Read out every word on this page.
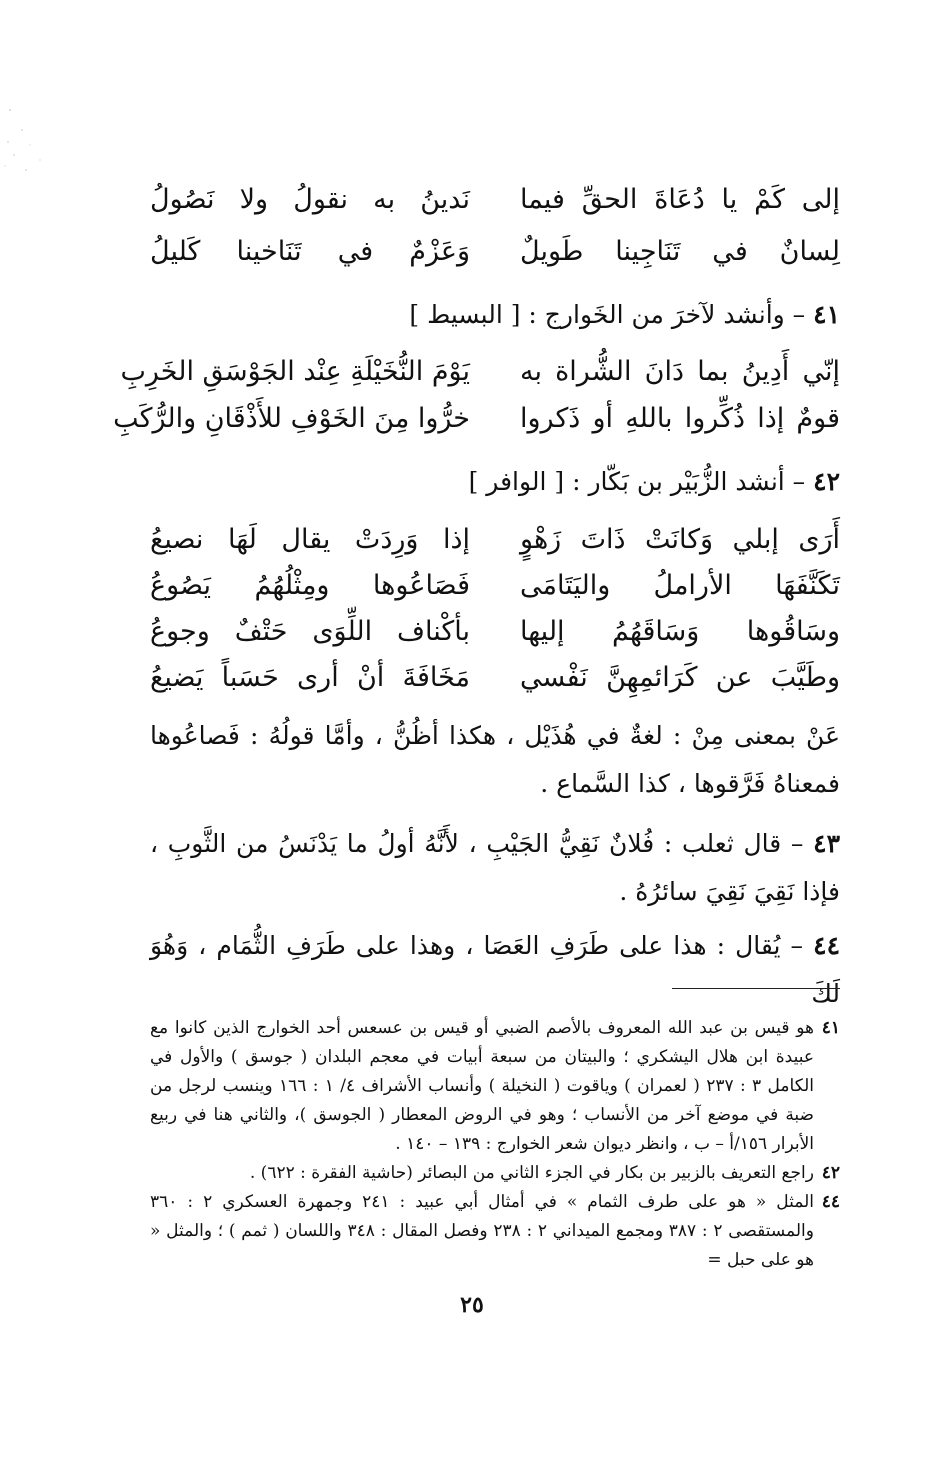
إلى كَمْ يا دُعَاةَ الحقِّ فيما
نَدينُ به نقولُ ولا نَصُولُ
لِسانٌ في تَنَاجِينا طَويلٌ
وَعَزْمٌ في تَنَاخينا كَليلُ
٤١ – وأنشد لآخرَ من الخَوارج : [ البسيط ]
إنّي أَدِينُ بما دَانَ الشُّراة به
يَوْمَ النُّخَيْلَةِ عِنْد الجَوْسَقِ الخَرِبِ
قومٌ إذا ذُكِّروا باللهِ أو ذَكروا
خرُّوا مِنَ الخَوْفِ للأَذْقَانِ والرُّكَبِ
٤٢ – أنشد الزُّبَيْر بن بَكّار : [ الوافر ]
أَرَى إبلي وَكانَتْ ذَاتَ زَهْوٍ
إذا وَرِدَتْ يقال لَهَا نصيعُ
تَكَنَّفَهَا الأراملُ واليَتَامَى
فَصَاعُوها ومِثْلُهُمُ يَصُوعُ
وسَاقُوها وَسَاقَهُمُ إليها
بأكْناف اللِّوَى حَتْفٌ وجوعُ
وطَيَّبَ عن كَرَائمِهِنَّ نَفْسي
مَخَافَةَ أنْ أرى حَسَباً يَضيعُ
عَنْ بمعنى مِنْ : لغةٌ في هُذَيْل ، هكذا أظُنُّ ، وأمَّا قولُهُ : فَصاعُوها فمعناهُ فَرَّقوها ، كذا السَّماع .
٤٣ – قال ثعلب : فُلانٌ نَقِيُّ الجَيْبِ ، لأَنَّهُ أولُ ما يَدْنَسُ من الثَّوبِ ، فإذا نَقِيَ نَقِيَ سائرُهُ .
٤٤ – يُقال : هذا على طَرَفِ العَصَا ، وهذا على طَرَفِ الثُّمَام ، وَهُوَ لَكَ
٤١
هو قيس بن عبد الله المعروف بالأصم الضبي أو قيس بن عسعس أحد الخوارج الذين كانوا مع عبيدة ابن هلال اليشكري ؛ والبيتان من سبعة أبيات في معجم البلدان ( جوسق ) والأول في الكامل ٣ : ٢٣٧ ( لعمران ) وياقوت ( النخيلة ) وأنساب الأشراف ٤/ ١ : ١٦٦ وينسب لرجل من ضبة في موضع آخر من الأنساب ؛ وهو في الروض المعطار ( الجوسق )، والثاني هنا في ربيع الأبرار ١٥٦/أ – ب ، وانظر ديوان شعر الخوارج : ١٣٩ – ١٤٠ .
٤٢
راجع التعريف بالزبير بن بكار في الجزء الثاني من البصائر (حاشية الفقرة : ٦٢٢) .
٤٤
المثل « هو على طرف الثمام » في أمثال أبي عبيد : ٢٤١ وجمهرة العسكري ٢ : ٣٦٠ والمستقصى ٢ : ٣٨٧ ومجمع الميداني ٢ : ٢٣٨ وفصل المقال : ٣٤٨ واللسان ( ثمم ) ؛ والمثل « هو على حبل =
٢٥
